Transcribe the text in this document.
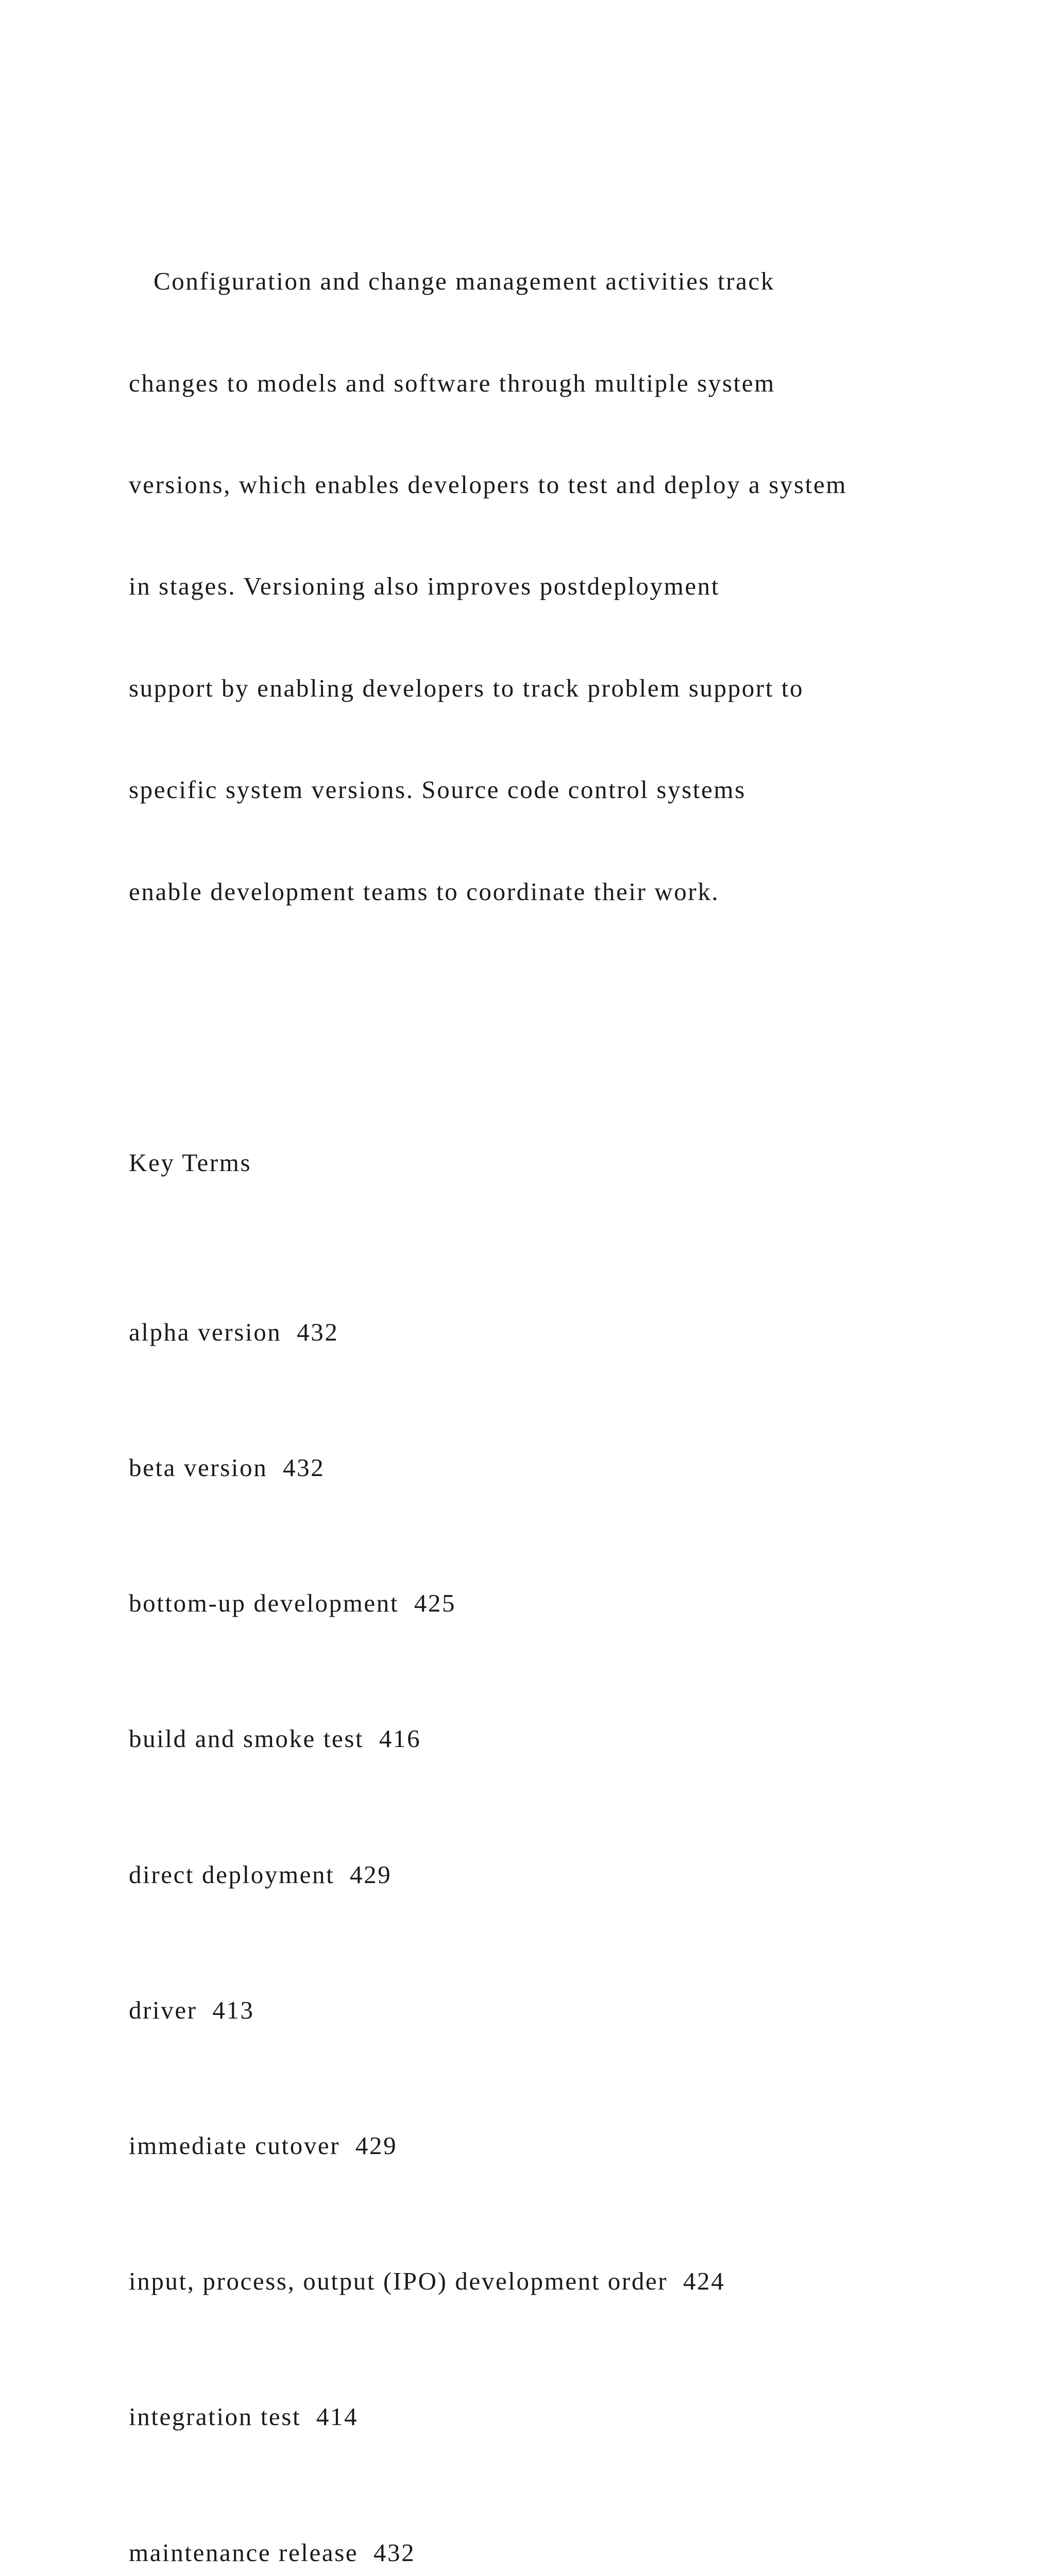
Configuration and change management activities track

changes to models and software through multiple system

versions, which enables developers to test and deploy a system

in stages. Versioning also improves postdeployment

support by enabling developers to track problem support to

specific system versions. Source code control systems

enable development teams to coordinate their work.

Key Terms

alpha version 432

beta version 432

bottom-up development 425

build and smoke test 416

direct deployment 429

driver 413

immediate cutover 429

input, process, output (IPO) development order 424

integration test 414

maintenance release 432
